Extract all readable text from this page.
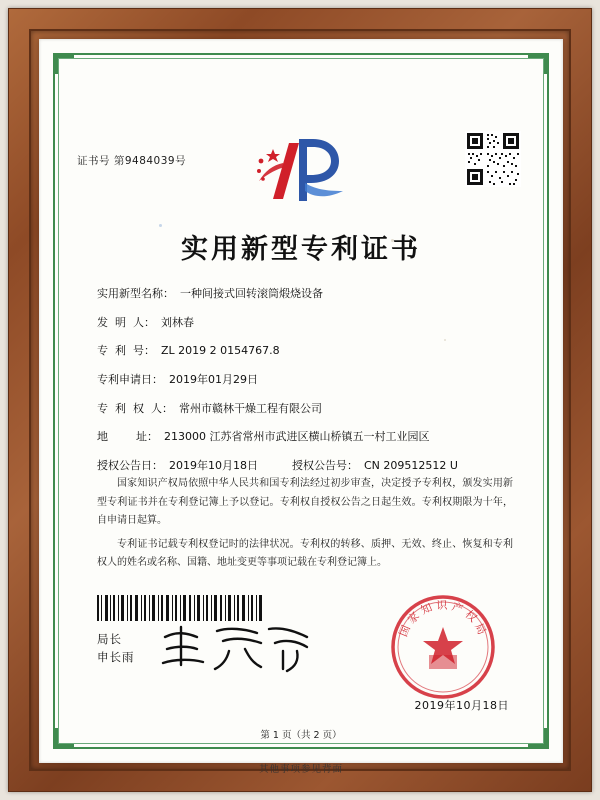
证书号 第9484039号
实用新型专利证书
实用新型名称： 一种间接式回转滚筒煅烧设备
发  明  人： 刘林春
专  利  号： ZL 2019 2 0154767.8
专利申请日： 2019年01月29日
专  利  权  人： 常州市赣林干燥工程有限公司
地        址： 213000 江苏省常州市武进区横山桥镇五一村工业园区
授权公告日： 2019年10月18日	授权公告号： CN 209512512 U

国家知识产权局依照中华人民共和国专利法经过初步审查，决定授予专利权，颁发实用新型专利证书并在专利登记簿上予以登记。专利权自授权公告之日起生效。专利权期限为十年，自申请日起算。

专利证书记载专利权登记时的法律状况。专利权的转移、质押、无效、终止、恢复和专利权人的姓名或名称、国籍、地址变更等事项记载在专利登记簿上。

局长
申长雨
国 家 知 识 产 权 局
2019年10月18日
第 1 页（共 2 页）
其他事项参见背面
